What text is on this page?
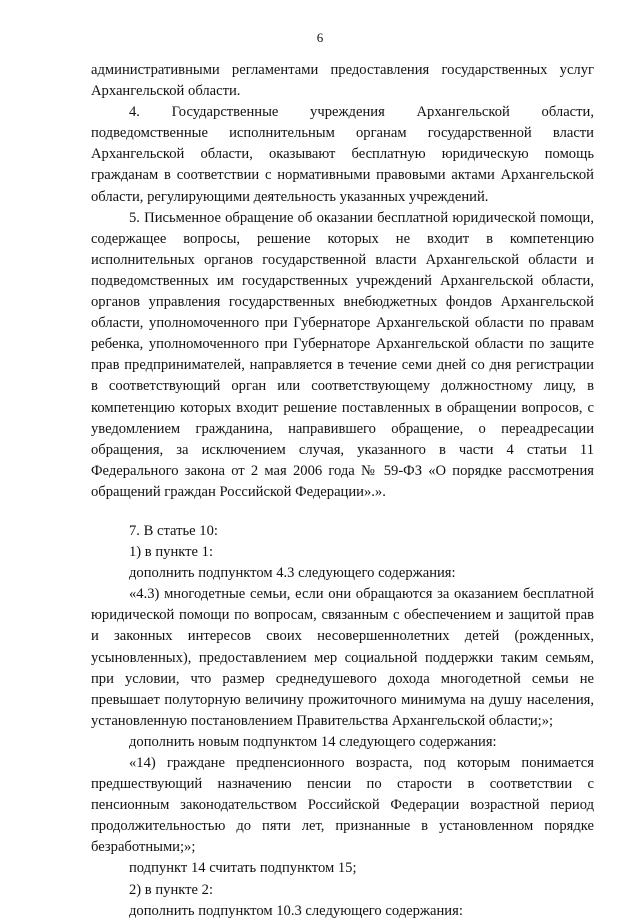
6

административными регламентами предоставления государственных услуг Архангельской области.

4. Государственные учреждения Архангельской области, подведомственные исполнительным органам государственной власти Архангельской области, оказывают бесплатную юридическую помощь гражданам в соответствии с нормативными правовыми актами Архангельской области, регулирующими деятельность указанных учреждений.

5. Письменное обращение об оказании бесплатной юридической помощи, содержащее вопросы, решение которых не входит в компетенцию исполнительных органов государственной власти Архангельской области и подведомственных им государственных учреждений Архангельской области, органов управления государственных внебюджетных фондов Архангельской области, уполномоченного при Губернаторе Архангельской области по правам ребенка, уполномоченного при Губернаторе Архангельской области по защите прав предпринимателей, направляется в течение семи дней со дня регистрации в соответствующий орган или соответствующему должностному лицу, в компетенцию которых входит решение поставленных в обращении вопросов, с уведомлением гражданина, направившего обращение, о переадресации обращения, за исключением случая, указанного в части 4 статьи 11 Федерального закона от 2 мая 2006 года № 59-ФЗ «О порядке рассмотрения обращений граждан Российской Федерации».».

7. В статье 10:

1) в пункте 1:

дополнить подпунктом 4.3 следующего содержания:

«4.3) многодетные семьи, если они обращаются за оказанием бесплатной юридической помощи по вопросам, связанным с обеспечением и защитой прав и законных интересов своих несовершеннолетних детей (рожденных, усыновленных), предоставлением мер социальной поддержки таким семьям, при условии, что размер среднедушевого дохода многодетной семьи не превышает полуторную величину прожиточного минимума на душу населения, установленную постановлением Правительства Архангельской области;»;

дополнить новым подпунктом 14 следующего содержания:

«14) граждане предпенсионного возраста, под которым понимается предшествующий назначению пенсии по старости в соответствии с пенсионным законодательством Российской Федерации возрастной период продолжительностью до пяти лет, признанные в установленном порядке безработными;»;

подпункт 14 считать подпунктом 15;

2) в пункте 2:

дополнить подпунктом 10.3 следующего содержания:
